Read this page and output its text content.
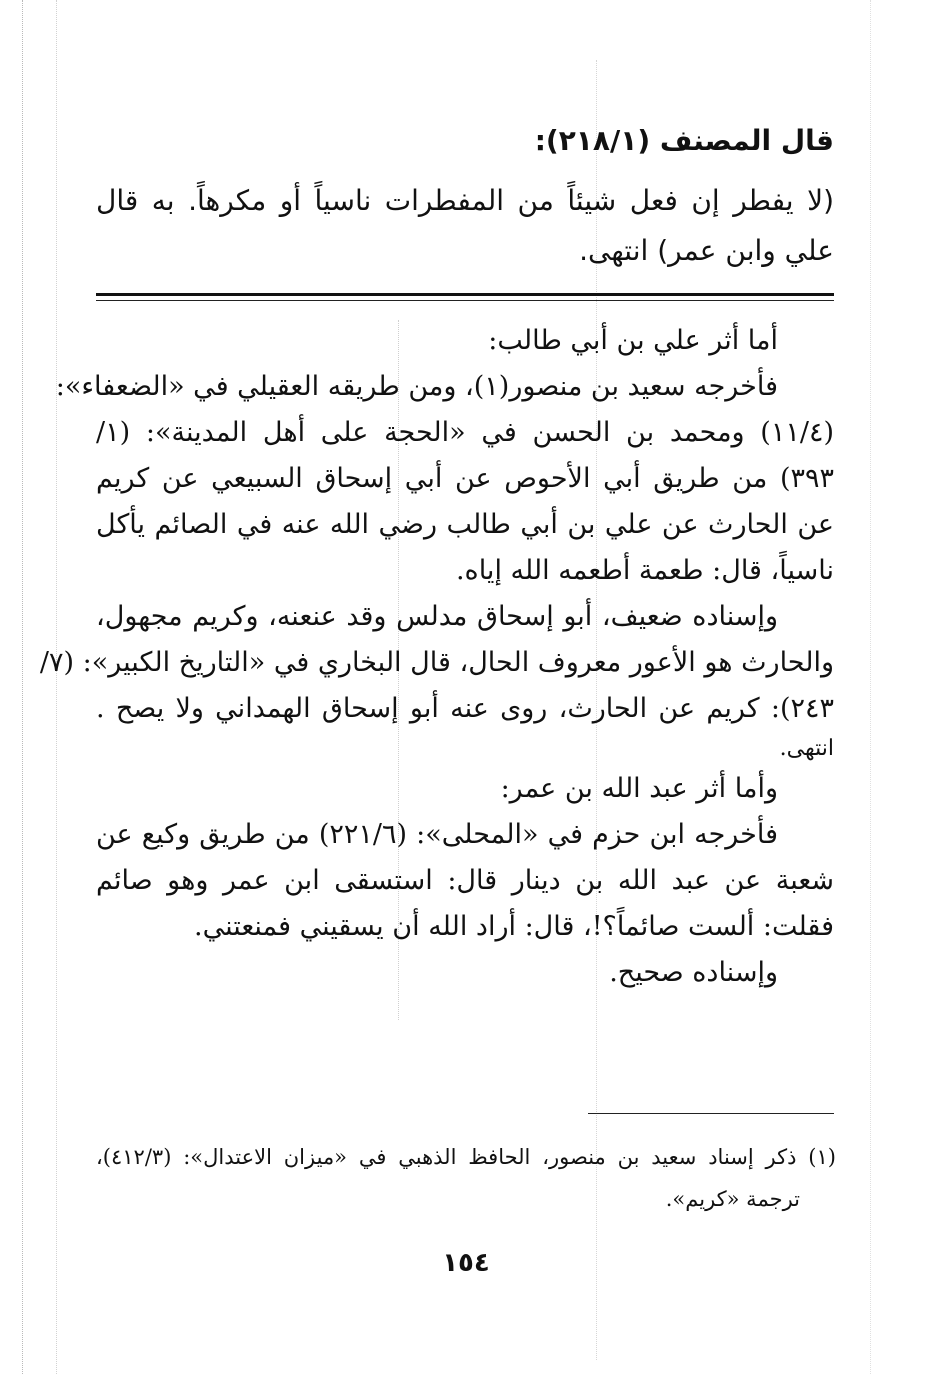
قال المصنف (٢١٨/١):
(لا يفطر إن فعل شيئاً من المفطرات ناسياً أو مكرهاً. به قال
علي وابن عمر) انتهى.
أما أثر علي بن أبي طالب:
فأخرجه سعيد بن منصور(١)، ومن طريقه العقيلي في «الضعفاء»:
(١١/٤) ومحمد بن الحسن في «الحجة على أهل المدينة»: (١/
٣٩٣) من طريق أبي الأحوص عن أبي إسحاق السبيعي عن كريم
عن الحارث عن علي بن أبي طالب رضي الله عنه في الصائم يأكل
ناسياً، قال: طعمة أطعمه الله إياه.
وإسناده ضعيف، أبو إسحاق مدلس وقد عنعنه، وكريم مجهول،
والحارث هو الأعور معروف الحال، قال البخاري في «التاريخ الكبير»: (٧/
٢٤٣): كريم عن الحارث، روى عنه أبو إسحاق الهمداني ولا يصح .
انتهى.
وأما أثر عبد الله بن عمر:
فأخرجه ابن حزم في «المحلى»: (٢٢١/٦) من طريق وكيع عن
شعبة عن عبد الله بن دينار قال: استسقى ابن عمر وهو صائم
فقلت: ألست صائماً؟!، قال: أراد الله أن يسقيني فمنعتني.
وإسناده صحيح.
(١) ذكر إسناد سعيد بن منصور، الحافظ الذهبي في «ميزان الاعتدال»: (٤١٢/٣)،
ترجمة «كريم».
١٥٤
